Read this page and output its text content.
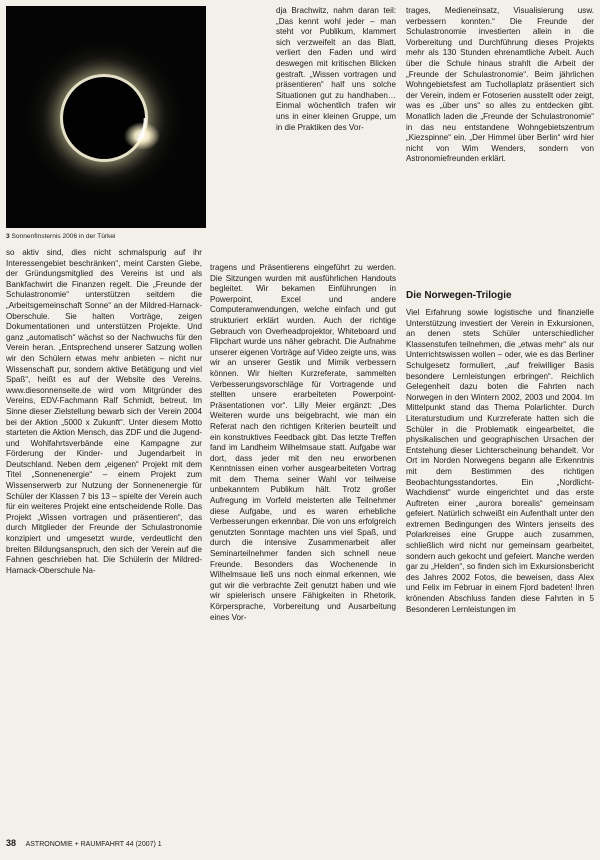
3 Sonnenfinsternis 2006 in der Türkei

so aktiv sind, dies nicht schmalspurig auf ihr Interessengebiet beschränken“, meint Carsten Giebe, der Gründungsmitglied des Vereins ist und als Bankfachwirt die Finanzen regelt. Die „Freunde der Schulastronomie“ unterstützen seitdem die „Arbeitsgemeinschaft Sonne“ an der Mildred-Harnack-Oberschule. Sie halten Vorträge, zeigen Dokumentationen und unterstützen Projekte. Und ganz „automatisch“ wächst so der Nachwuchs für den Verein heran. „Entsprechend unserer Satzung wollen wir den Schülern etwas mehr anbieten – nicht nur Wissenschaft pur, sondern aktive Betätigung und viel Spaß“, heißt es auf der Website des Vereins. www.diesonnenseite.de wird vom Mitgründer des Vereins, EDV-Fachmann Ralf Schmidt, betreut. Im Sinne dieser Zielstellung bewarb sich der Verein 2004 bei der Aktion „5000 x Zukunft“. Unter diesem Motto starteten die Aktion Mensch, das ZDF und die Jugend- und Wohlfahrtsverbände eine Kampagne zur Förderung der Kinder- und Jugendarbeit in Deutschland. Neben dem „eigenen“ Projekt mit dem Titel „Sonnenenergie“ – einem Projekt zum Wissenserwerb zur Nutzung der Sonnenenergie für Schüler der Klassen 7 bis 13 – spielte der Verein auch für ein weiteres Projekt eine entscheidende Rolle. Das Projekt „Wissen vortragen und präsentieren“, das durch Mitglieder der Freunde der Schulastronomie konzipiert und umgesetzt wurde, verdeutlicht den breiten Bildungsanspruch, den sich der Verein auf die Fahnen geschrieben hat. Die Schülerin der Mildred-Harnack-Oberschule Na-

dja Brachwitz, nahm daran teil: „Das kennt wohl jeder – man steht vor Publikum, klammert sich verzweifelt an das Blatt, verliert den Faden und wird deswegen mit kritischen Blicken gestraft. „Wissen vortragen und präsentieren“ half uns solche Situationen gut zu handhaben… Einmal wöchentlich trafen wir uns in einer kleinen Gruppe, um in die Praktiken des Vor-

tragens und Präsentierens eingeführt zu werden. Die Sitzungen wurden mit ausführlichen Handouts begleitet. Wir bekamen Einführungen in Powerpoint, Excel und andere Computeranwendungen, welche einfach und gut strukturiert erklärt wurden. Auch der richtige Gebrauch von Overheadprojektor, Whiteboard und Flipchart wurde uns näher gebracht. Die Aufnahme unserer eigenen Vorträge auf Video zeigte uns, was wir an unserer Gestik und Mimik verbessern können. Wir hielten Kurzreferate, sammelten Verbesserungsvorschläge für Vortragende und stellten unsere erarbeiteten Powerpoint-Präsentationen vor“. Lilly Meier ergänzt: „Des Weiteren wurde uns beigebracht, wie man ein Referat nach den richtigen Kriterien beurteilt und ein konstruktives Feedback gibt. Das letzte Treffen fand im Landheim Wilhelmsaue statt. Aufgabe war dort, dass jeder mit den neu erworbenen Kenntnissen einen vorher ausgearbeiteten Vortrag mit dem Thema seiner Wahl vor teilweise unbekanntem Publikum hält. Trotz großer Aufregung im Vorfeld meisterten alle Teilnehmer diese Aufgabe, und es waren erhebliche Verbesserungen erkennbar. Die von uns erfolgreich genutzten Sonntage machten uns viel Spaß, und durch die intensive Zusammenarbeit aller Seminarteilnehmer fanden sich schnell neue Freunde. Besonders das Wochenende in Wilhelmsaue ließ uns noch einmal erkennen, wie gut wir die verbrachte Zeit genutzt haben und wie wir spielerisch unsere Fähigkeiten in Rhetorik, Körpersprache, Vorbereitung und Ausarbeitung eines Vor-

trages, Medieneinsatz, Visualisierung usw. verbessern konnten.“ Die Freunde der Schulastronomie investierten allein in die Vorbereitung und Durchführung dieses Projekts mehr als 130 Stunden ehrenamtliche Arbeit. Auch über die Schule hinaus strahlt die Arbeit der „Freunde der Schulastronomie“. Beim jährlichen Wohngebietsfest am Tuchollaplatz präsentiert sich der Verein, indem er Fotoserien ausstellt oder zeigt, was es „über uns“ so alles zu entdecken gibt. Monatlich laden die „Freunde der Schulastronomie“ in das neu entstandene Wohngebietszentrum „Kiezspinne“ ein. „Der Himmel über Berlin“ wird hier nicht von Wim Wenders, sondern von Astronomiefreunden erklärt.

Die Norwegen-Trilogie

Viel Erfahrung sowie logistische und finanzielle Unterstützung investiert der Verein in Exkursionen, an denen stets Schüler unterschiedlicher Klassenstufen teilnehmen, die „etwas mehr“ als nur Unterrichtswissen wollen – oder, wie es das Berliner Schulgesetz formuliert, „auf freiwilliger Basis besondere Lernleistungen erbringen“. Reichlich Gelegenheit dazu boten die Fahrten nach Norwegen in den Wintern 2002, 2003 und 2004. Im Mittelpunkt stand das Thema Polarlichter. Durch Literaturstudium und Kurzreferate hatten sich die Schüler in die Problematik eingearbeitet, die physikalischen und geographischen Ursachen der Entstehung dieser Lichterscheinung behandelt. Vor Ort im Norden Norwegens begann alle Erkenntnis mit dem Bestimmen des richtigen Beobachtungsstandortes. Ein „Nordlicht-Wachdienst“ wurde eingerichtet und das erste Auftreten einer „aurora borealis“ gemeinsam gefeiert. Natürlich schweißt ein Aufenthalt unter den extremen Bedingungen des Winters jenseits des Polarkreises eine Gruppe auch zusammen, schließlich wird nicht nur gemeinsam gearbeitet, sondern auch gekocht und gefeiert. Manche werden gar zu „Helden“, so finden sich im Exkursionsbericht des Jahres 2002 Fotos, die beweisen, dass Alex und Felix im Februar in einem Fjord badeten! Ihren krönenden Abschluss fanden diese Fahrten in 5 Besonderen Lernleistungen im

38 ASTRONOMIE + RAUMFAHRT 44 (2007) 1
